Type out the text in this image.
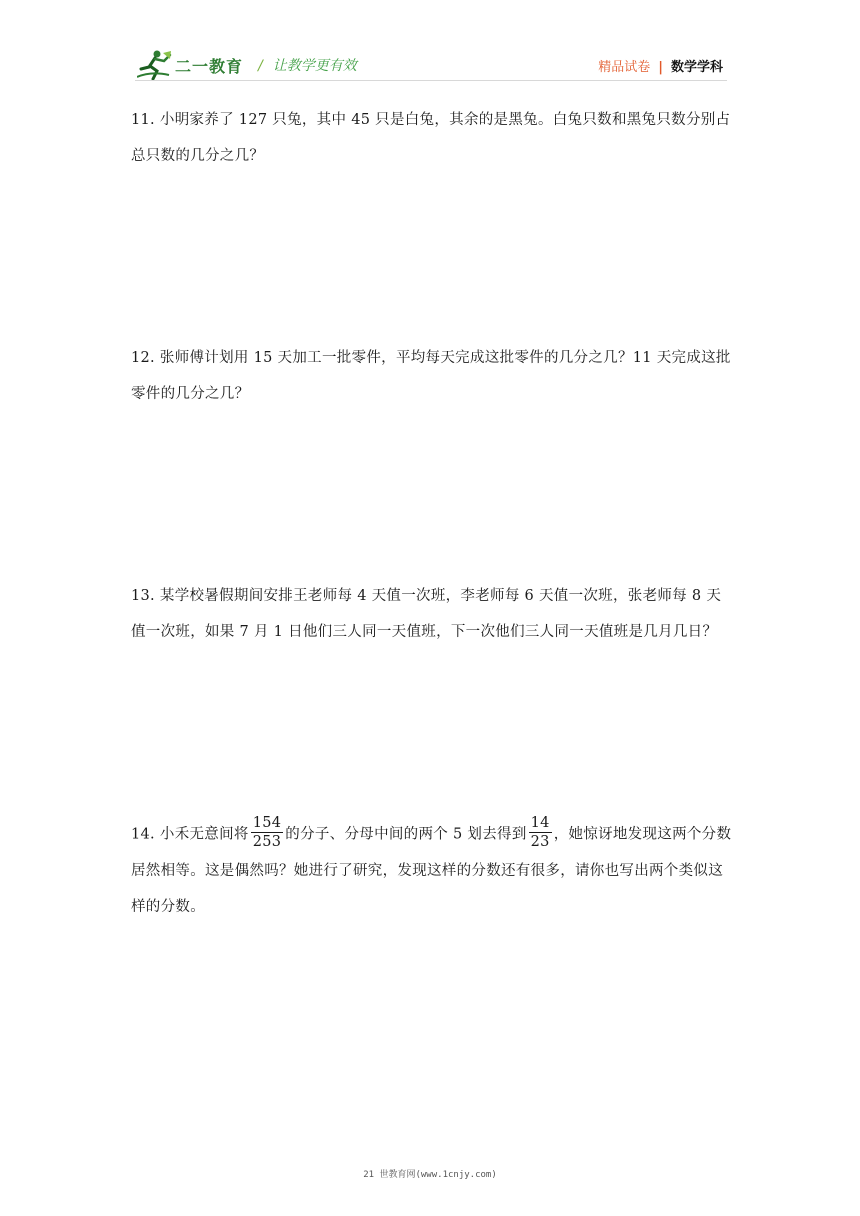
二一教育 / 让教学更有效	精品试卷 | 数学学科
11. 小明家养了 127 只兔，其中 45 只是白兔，其余的是黑兔。白兔只数和黑兔只数分别占总只数的几分之几？
12. 张师傅计划用 15 天加工一批零件，平均每天完成这批零件的几分之几？11 天完成这批零件的几分之几？
13. 某学校暑假期间安排王老师每 4 天值一次班，李老师每 6 天值一次班，张老师每 8 天值一次班，如果 7 月 1 日他们三人同一天值班，下一次他们三人同一天值班是几月几日？
14. 小禾无意间将 $\frac{154}{253}$ 的分子、分母中间的两个 5 划去得到 $\frac{14}{23}$ ，她惊讶地发现这两个分数居然相等。这是偶然吗？她进行了研究，发现这样的分数还有很多，请你也写出两个类似这样的分数。
21 世教育网(www.1cnjy.com)
